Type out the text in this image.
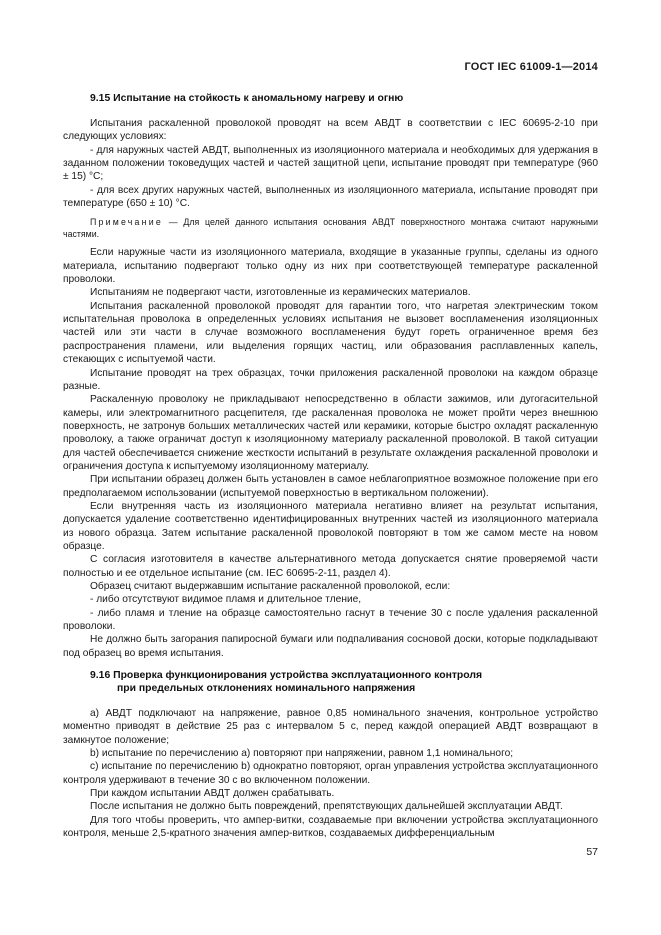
ГОСТ IEC 61009-1—2014
9.15 Испытание на стойкость к аномальному нагреву и огню

Испытания раскаленной проволокой проводят на всем АВДТ в соответствии с IEC 60695-2-10 при следующих условиях:

- для наружных частей АВДТ, выполненных из изоляционного материала и необходимых для удержания в заданном положении токоведущих частей и частей защитной цепи, испытание проводят при температуре (960 ± 15) °С;

- для всех других наружных частей, выполненных из изоляционного материала, испытание проводят при температуре (650 ± 10) °С.

Примечание — Для целей данного испытания основания АВДТ поверхностного монтажа считают наружными частями.

Если наружные части из изоляционного материала, входящие в указанные группы, сделаны из одного материала, испытанию подвергают только одну из них при соответствующей температуре раскаленной проволоки.

Испытаниям не подвергают части, изготовленные из керамических материалов.

Испытания раскаленной проволокой проводят для гарантии того, что нагретая электрическим током испытательная проволока в определенных условиях испытания не вызовет воспламенения изоляционных частей или эти части в случае возможного воспламенения будут гореть ограниченное время без распространения пламени, или выделения горящих частиц, или образования расплавленных капель, стекающих с испытуемой части.

Испытание проводят на трех образцах, точки приложения раскаленной проволоки на каждом образце разные.

Раскаленную проволоку не прикладывают непосредственно в области зажимов, или дугогасительной камеры, или электромагнитного расцепителя, где раскаленная проволока не может пройти через внешнюю поверхность, не затронув больших металлических частей или керамики, которые быстро охладят раскаленную проволоку, а также ограничат доступ к изоляционному материалу раскаленной проволокой. В такой ситуации для частей обеспечивается снижение жесткости испытаний в результате охлаждения раскаленной проволоки и ограничения доступа к испытуемому изоляционному материалу.

При испытании образец должен быть установлен в самое неблагоприятное возможное положение при его предполагаемом использовании (испытуемой поверхностью в вертикальном положении).

Если внутренняя часть из изоляционного материала негативно влияет на результат испытания, допускается удаление соответственно идентифицированных внутренних частей из изоляционного материала из нового образца. Затем испытание раскаленной проволокой повторяют в том же самом месте на новом образце.

С согласия изготовителя в качестве альтернативного метода допускается снятие проверяемой части полностью и ее отдельное испытание (см. IEC 60695-2-11, раздел 4).

Образец считают выдержавшим испытание раскаленной проволокой, если:

- либо отсутствуют видимое пламя и длительное тление,

- либо пламя и тление на образце самостоятельно гаснут в течение 30 с после удаления раскаленной проволоки.

Не должно быть загорания папиросной бумаги или подпаливания сосновой доски, которые подкладывают под образец во время испытания.

9.16 Проверка функционирования устройства эксплуатационного контроля
при предельных отклонениях номинального напряжения

а) АВДТ подключают на напряжение, равное 0,85 номинального значения, контрольное устройство моментно приводят в действие 25 раз с интервалом 5 с, перед каждой операцией АВДТ возвращают в замкнутое положение;

b) испытание по перечислению а) повторяют при напряжении, равном 1,1 номинального;

с) испытание по перечислению b) однократно повторяют, орган управления устройства эксплуатационного контроля удерживают в течение 30 с во включенном положении.

При каждом испытании АВДТ должен срабатывать.

После испытания не должно быть повреждений, препятствующих дальнейшей эксплуатации АВДТ.

Для того чтобы проверить, что ампер-витки, создаваемые при включении устройства эксплуатационного контроля, меньше 2,5-кратного значения ампер-витков, создаваемых дифференциальным

57
